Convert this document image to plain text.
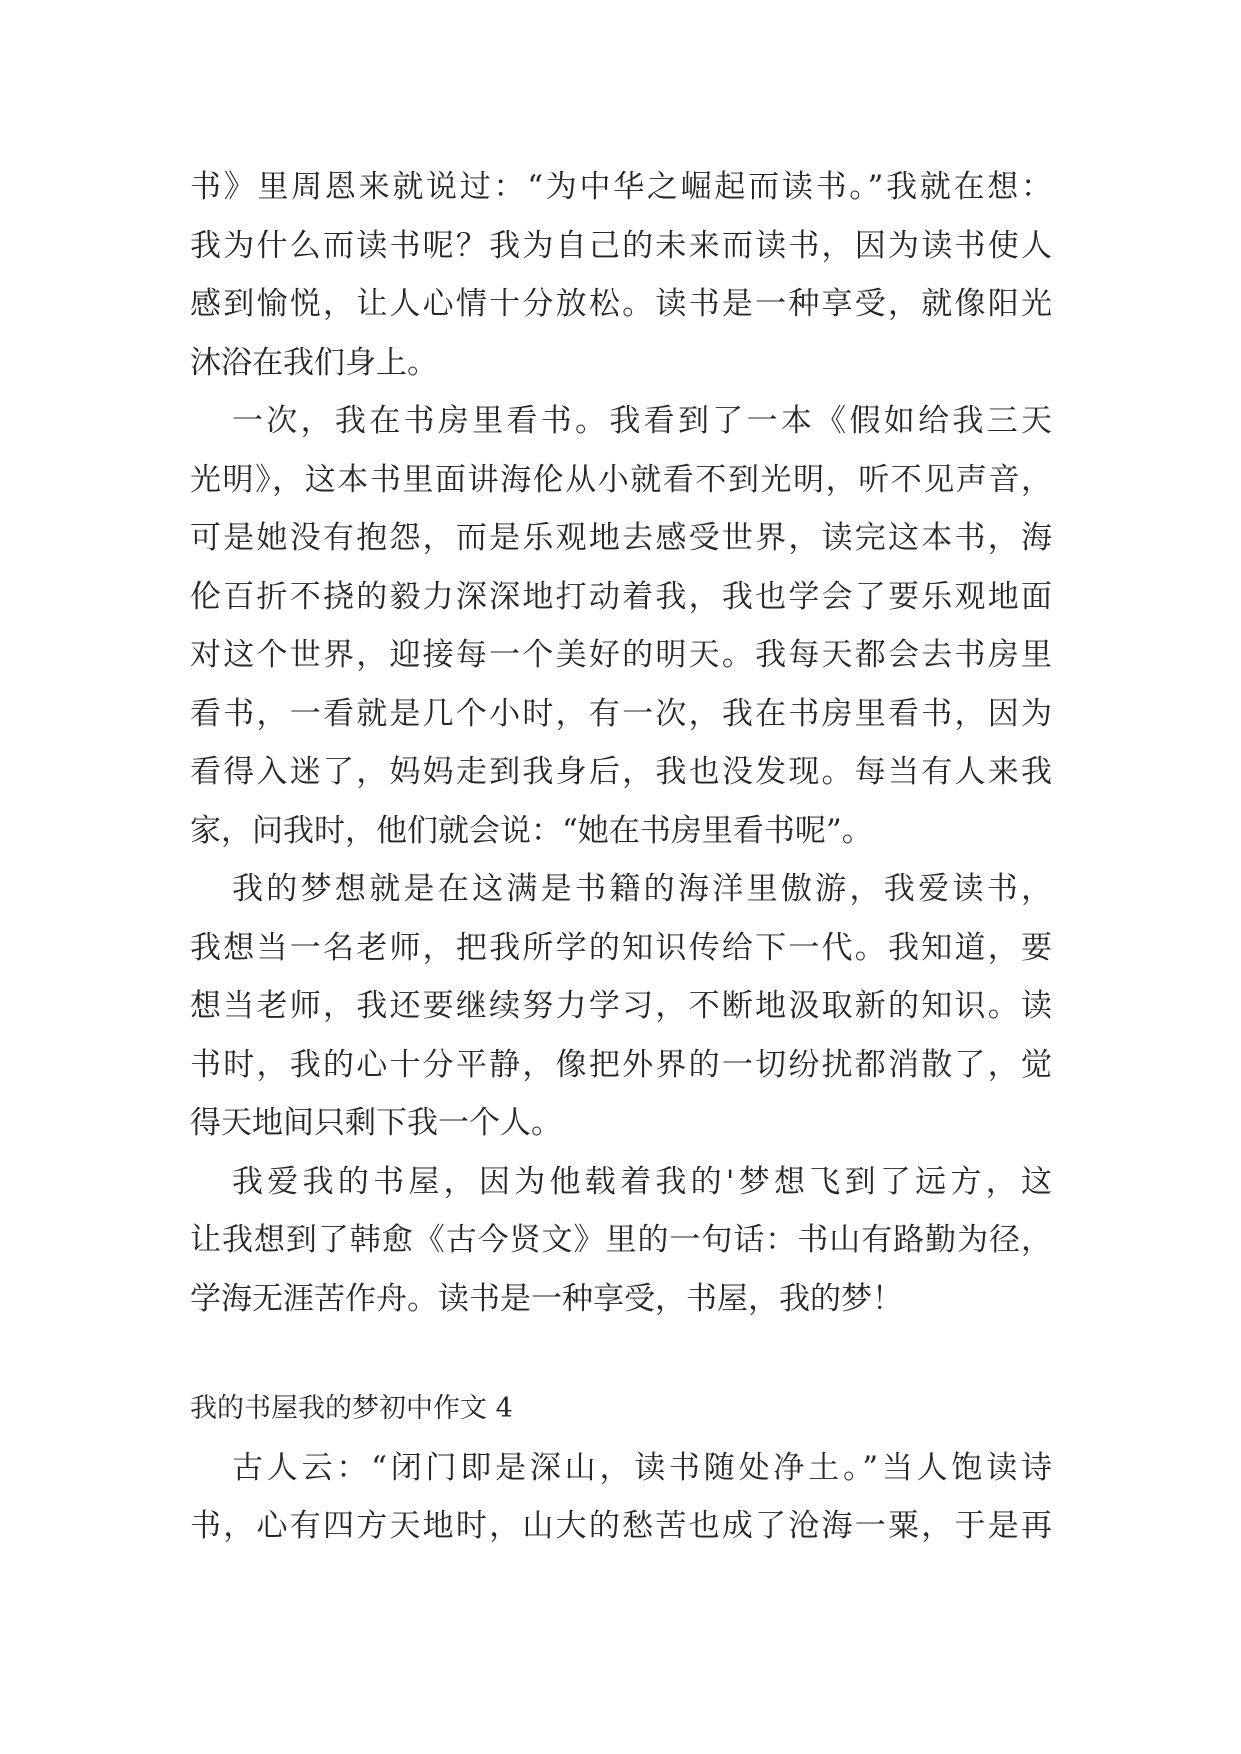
书》里周恩来就说过：“为中华之崛起而读书。”我就在想：
我为什么而读书呢？我为自己的未来而读书，因为读书使人
感到愉悦，让人心情十分放松。读书是一种享受，就像阳光
沐浴在我们身上。
一次，我在书房里看书。我看到了一本《假如给我三天
光明》，这本书里面讲海伦从小就看不到光明，听不见声音，
可是她没有抱怨，而是乐观地去感受世界，读完这本书，海
伦百折不挠的毅力深深地打动着我，我也学会了要乐观地面
对这个世界，迎接每一个美好的明天。我每天都会去书房里
看书，一看就是几个小时，有一次，我在书房里看书，因为
看得入迷了，妈妈走到我身后，我也没发现。每当有人来我
家，问我时，他们就会说：“她在书房里看书呢”。
我的梦想就是在这满是书籍的海洋里傲游，我爱读书，
我想当一名老师，把我所学的知识传给下一代。我知道，要
想当老师，我还要继续努力学习，不断地汲取新的知识。读
书时，我的心十分平静，像把外界的一切纷扰都消散了，觉
得天地间只剩下我一个人。
我爱我的书屋，因为他载着我的'梦想飞到了远方，这
让我想到了韩愈《古今贤文》里的一句话：书山有路勤为径，
学海无涯苦作舟。读书是一种享受，书屋，我的梦！
我的书屋我的梦初中作文 4
古人云：“闭门即是深山，读书随处净土。”当人饱读诗
书，心有四方天地时，山大的愁苦也成了沧海一粟，于是再
